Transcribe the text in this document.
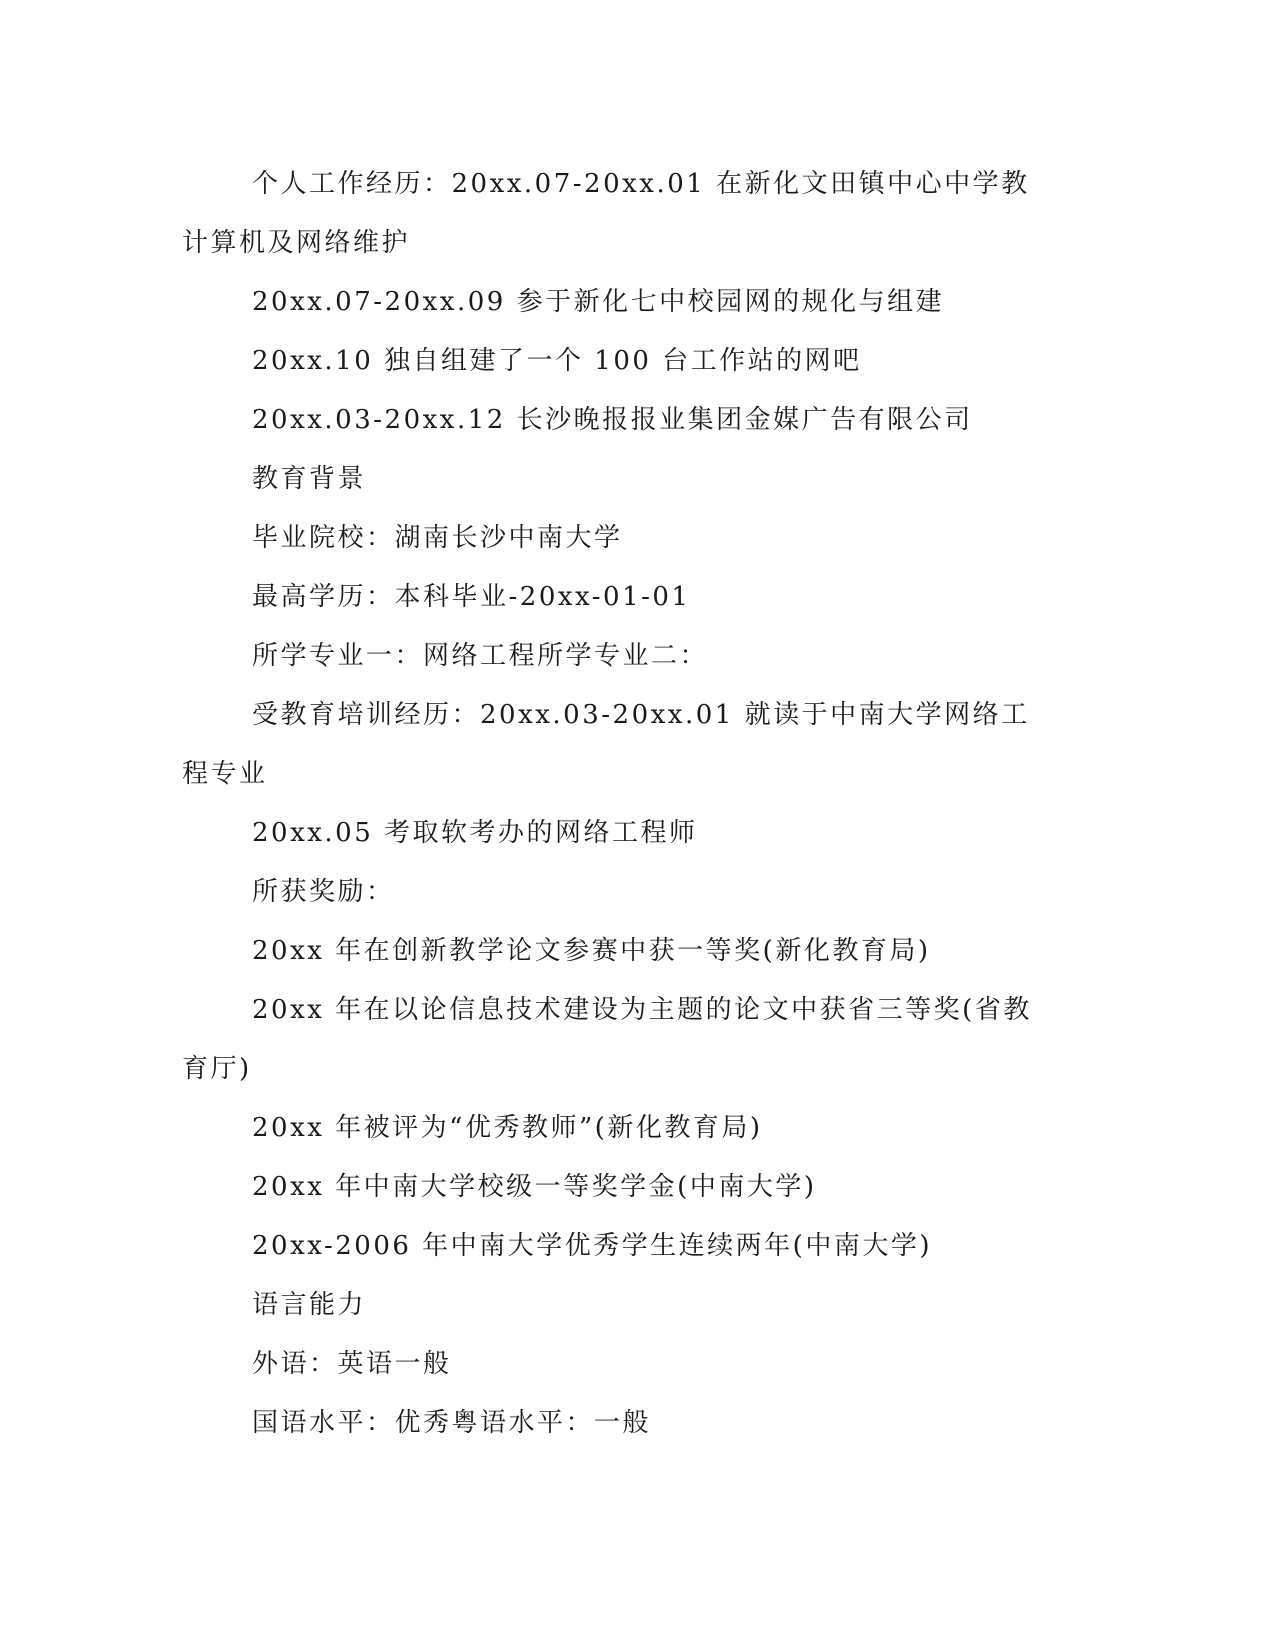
个人工作经历：20xx.07-20xx.01 在新化文田镇中心中学教计算机及网络维护

20xx.07-20xx.09 参于新化七中校园网的规化与组建

20xx.10 独自组建了一个 100 台工作站的网吧

20xx.03-20xx.12 长沙晚报报业集团金媒广告有限公司

教育背景

毕业院校：湖南长沙中南大学

最高学历：本科毕业-20xx-01-01

所学专业一：网络工程所学专业二：

受教育培训经历：20xx.03-20xx.01 就读于中南大学网络工程专业

20xx.05 考取软考办的网络工程师

所获奖励：

20xx 年在创新教学论文参赛中获一等奖(新化教育局)

20xx 年在以论信息技术建设为主题的论文中获省三等奖(省教育厅)

20xx 年被评为“优秀教师”(新化教育局)

20xx 年中南大学校级一等奖学金(中南大学)

20xx-2006 年中南大学优秀学生连续两年(中南大学)

语言能力

外语：英语一般

国语水平：优秀粤语水平：一般
